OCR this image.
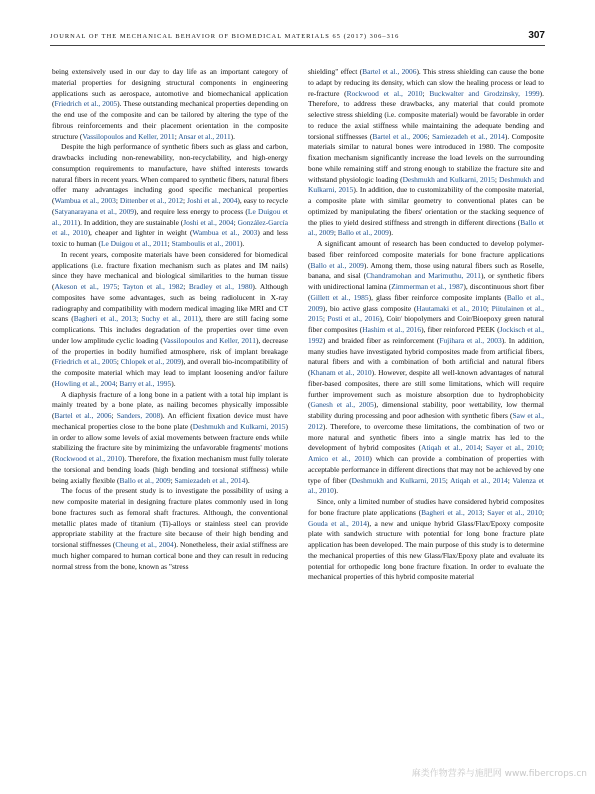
JOURNAL OF THE MECHANICAL BEHAVIOR OF BIOMEDICAL MATERIALS 65 (2017) 306–316	307

being extensively used in our day to day life as an important category of material properties for designing structural components in engineering applications such as aerospace, automotive and biomechanical application (Friedrich et al., 2005). These outstanding mechanical properties depending on the end use of the composite and can be tailored by altering the type of the fibrous reinforcements and their placement orientation in the composite structure (Vassilopoulos and Keller, 2011; Ansar et al., 2011).

Despite the high performance of synthetic fibers such as glass and carbon, drawbacks including non-renewability, non-recyclability, and high-energy consumption requirements to manufacture, have shifted interests towards natural fibers in recent years. When compared to synthetic fibers, natural fibers offer many advantages including good specific mechanical properties (Wambua et al., 2003; Dittenber et al., 2012; Joshi et al., 2004), easy to recycle (Satyanarayana et al., 2009), and require less energy to process (Le Duigou et al., 2011). In addition, they are sustainable (Joshi et al., 2004; González-García et al., 2010), cheaper and lighter in weight (Wambua et al., 2003) and less toxic to human (Le Duigou et al., 2011; Stamboulis et al., 2001).

In recent years, composite materials have been considered for biomedical applications (i.e. fracture fixation mechanism such as plates and IM nails) since they have mechanical and biological similarities to the human tissue (Akeson et al., 1975; Tayton et al., 1982; Bradley et al., 1980). Although composites have some advantages, such as being radiolucent in X-ray radiography and compatibility with modern medical imaging like MRI and CT scans (Bagheri et al., 2013; Suchy et al., 2011), there are still facing some complications. This includes degradation of the properties over time even under low amplitude cyclic loading (Vassilopoulos and Keller, 2011), decrease of the properties in bodily humified atmosphere, risk of implant breakage (Friedrich et al., 2005; Chlopek et al., 2009), and overall bio-incompatibility of the composite material which may lead to implant loosening and/or failure (Howling et al., 2004; Barry et al., 1995).

A diaphysis fracture of a long bone in a patient with a total hip implant is mainly treated by a bone plate, as nailing becomes physically impossible (Bartel et al., 2006; Sanders, 2008). An efficient fixation device must have mechanical properties close to the bone plate (Deshmukh and Kulkarni, 2015) in order to allow some levels of axial movements between fracture ends while stabilizing the fracture site by minimizing the unfavorable fragments' motions (Rockwood et al., 2010). Therefore, the fixation mechanism must fully tolerate the torsional and bending loads (high bending and torsional stiffness) while being axially flexible (Ballo et al., 2009; Samiezadeh et al., 2014).

The focus of the present study is to investigate the possibility of using a new composite material in designing fracture plates commonly used in long bone fractures such as femoral shaft fractures. Although, the conventional metallic plates made of titanium (Ti)-alloys or stainless steel can provide appropriate stability at the fracture site because of their high bending and torsional stiffnesses (Cheung et al., 2004). Nonetheless, their axial stiffness are much higher compared to human cortical bone and they can result in reducing normal stress from the bone, known as "stress

shielding" effect (Bartel et al., 2006). This stress shielding can cause the bone to adapt by reducing its density, which can slow the healing process or lead to re-fracture (Rockwood et al., 2010; Buckwalter and Grodzinsky, 1999). Therefore, to address these drawbacks, any material that could promote selective stress shielding (i.e. composite material) would be favorable in order to reduce the axial stiffness while maintaining the adequate bending and torsional stiffnesses (Bartel et al., 2006; Samiezadeh et al., 2014). Composite materials similar to natural bones were introduced in 1980. The composite fixation mechanism significantly increase the load levels on the surrounding bone while remaining stiff and strong enough to stabilize the fracture site and withstand physiologic loading (Deshmukh and Kulkarni, 2015; Deshmukh and Kulkarni, 2015). In addition, due to customizability of the composite material, a composite plate with similar geometry to conventional plates can be optimized by manipulating the fibers' orientation or the stacking sequence of the plies to yield desired stiffness and strength in different directions (Ballo et al., 2009; Ballo et al., 2009).

A significant amount of research has been conducted to develop polymer-based fiber reinforced composite materials for bone fracture applications (Ballo et al., 2009). Among them, those using natural fibers such as Roselle, banana, and sisal (Chandramohan and Marimuthu, 2011), or synthetic fibers with unidirectional lamina (Zimmerman et al., 1987), discontinuous short fiber (Gillett et al., 1985), glass fiber reinforce composite implants (Ballo et al., 2009), bio active glass composite (Hautamaki et al., 2010; Piitulainen et al., 2015; Posti et al., 2016), Coir/ biopolymers and Coir/Bioepoxy green natural fiber composites (Hashim et al., 2016), fiber reinforced PEEK (Jockisch et al., 1992) and braided fiber as reinforcement (Fujihara et al., 2003). In addition, many studies have investigated hybrid composites made from artificial fibers, natural fibers and with a combination of both artificial and natural fibers (Khanam et al., 2010). However, despite all well-known advantages of natural fiber-based composites, there are still some limitations, which will require further improvement such as moisture absorption due to hydrophobicity (Ganesh et al., 2005), dimensional stability, poor wettability, low thermal stability during processing and poor adhesion with synthetic fibers (Saw et al., 2012). Therefore, to overcome these limitations, the combination of two or more natural and synthetic fibers into a single matrix has led to the development of hybrid composites (Atiqah et al., 2014; Sayer et al., 2010; Amico et al., 2010) which can provide a combination of properties with acceptable performance in different directions that may not be achieved by one type of fiber (Deshmukh and Kulkarni, 2015; Atiqah et al., 2014; Valenza et al., 2010).

Since, only a limited number of studies have considered hybrid composites for bone fracture plate applications (Bagheri et al., 2013; Sayer et al., 2010; Gouda et al., 2014), a new and unique hybrid Glass/Flax/Epoxy composite plate with sandwich structure with potential for long bone fracture plate application has been developed. The main purpose of this study is to determine the mechanical properties of this new Glass/Flax/Epoxy plate and evaluate its potential for orthopedic long bone fracture fixation. In order to evaluate the mechanical properties of this hybrid composite material

麻类作物营养与施肥网 www.fibercrops.cn
